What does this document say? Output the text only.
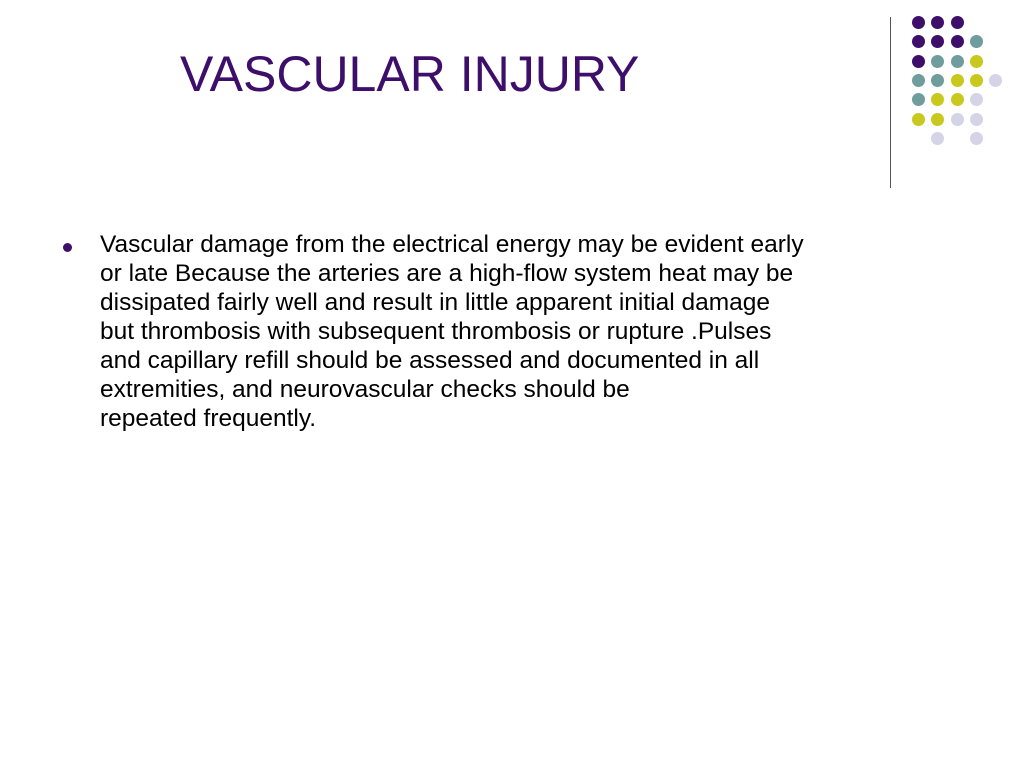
VASCULAR INJURY
Vascular damage from the electrical energy may be evident early
or late Because the arteries are a high-flow system heat may be
dissipated fairly well and result in little apparent initial damage
but thrombosis with subsequent thrombosis or rupture .Pulses
and capillary refill should be assessed and documented in all
extremities, and neurovascular checks should be
repeated frequently.
